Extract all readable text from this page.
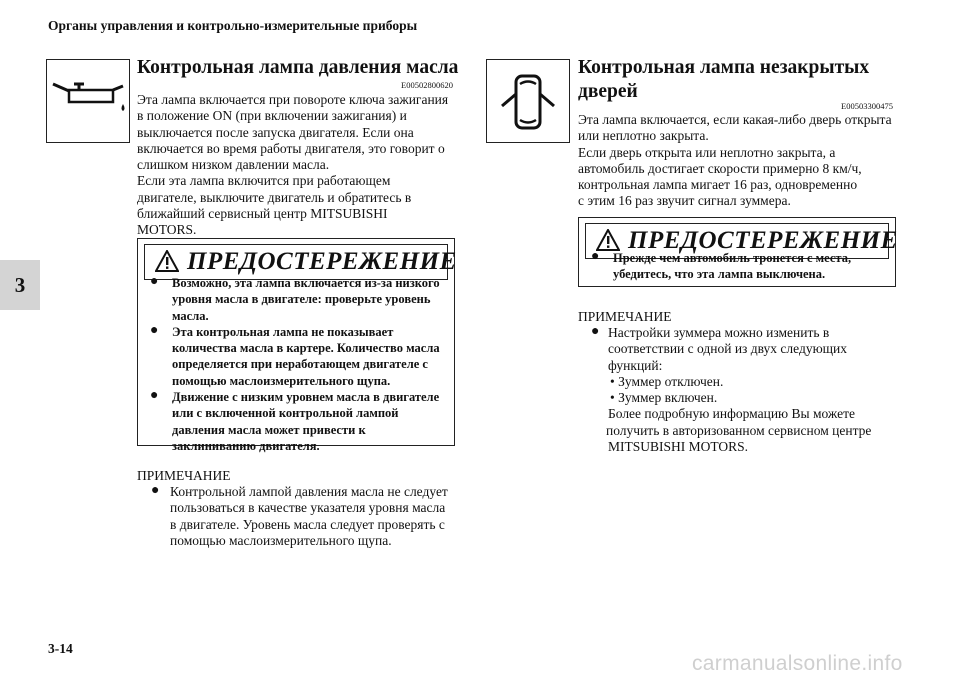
Органы управления и контрольно-измерительные приборы
3
Контрольная лампа давления масла
E00502800620
Эта лампа включается при повороте ключа зажигания
в положение ON (при включении зажигания) и
выключается после запуска двигателя. Если она
включается во время работы двигателя, это говорит о
слишком низком давлении масла.
Если эта лампа включится при работающем
двигателе, выключите двигатель и обратитесь в
ближайший сервисный центр MITSUBISHI
MOTORS.
ПРЕДОСТЕРЕЖЕНИЕ
● Возможно, эта лампа включается из-за низкого
уровня масла в двигателе: проверьте уровень
масла.
● Эта контрольная лампа не показывает
количества масла в картере. Количество масла
определяется при неработающем двигателе с
помощью маслоизмерительного щупа.
● Движение с низким уровнем масла в двигателе
или с включенной контрольной лампой
давления масла может привести к
заклиниванию двигателя.
ПРИМЕЧАНИЕ
● Контрольной лампой давления масла не следует
пользоваться в качестве указателя уровня масла
в двигателе. Уровень масла следует проверять с
помощью маслоизмерительного щупа.
Контрольная лампа незакрытых
дверей
E00503300475
Эта лампа включается, если какая-либо дверь открыта
или неплотно закрыта.
Если дверь открыта или неплотно закрыта, а
автомобиль достигает скорости примерно 8 км/ч,
контрольная лампа мигает 16 раз, одновременно
с этим 16 раз звучит сигнал зуммера.
ПРЕДОСТЕРЕЖЕНИЕ
● Прежде чем автомобиль тронется с места,
убедитесь, что эта лампа выключена.
ПРИМЕЧАНИЕ
● Настройки зуммера можно изменить в
соответствии с одной из двух следующих
функций:
• Зуммер отключен.
• Зуммер включен.
Более подробную информацию Вы можете
получить в авторизованном сервисном центре
MITSUBISHI MOTORS.
3-14
carmanualsonline.info
